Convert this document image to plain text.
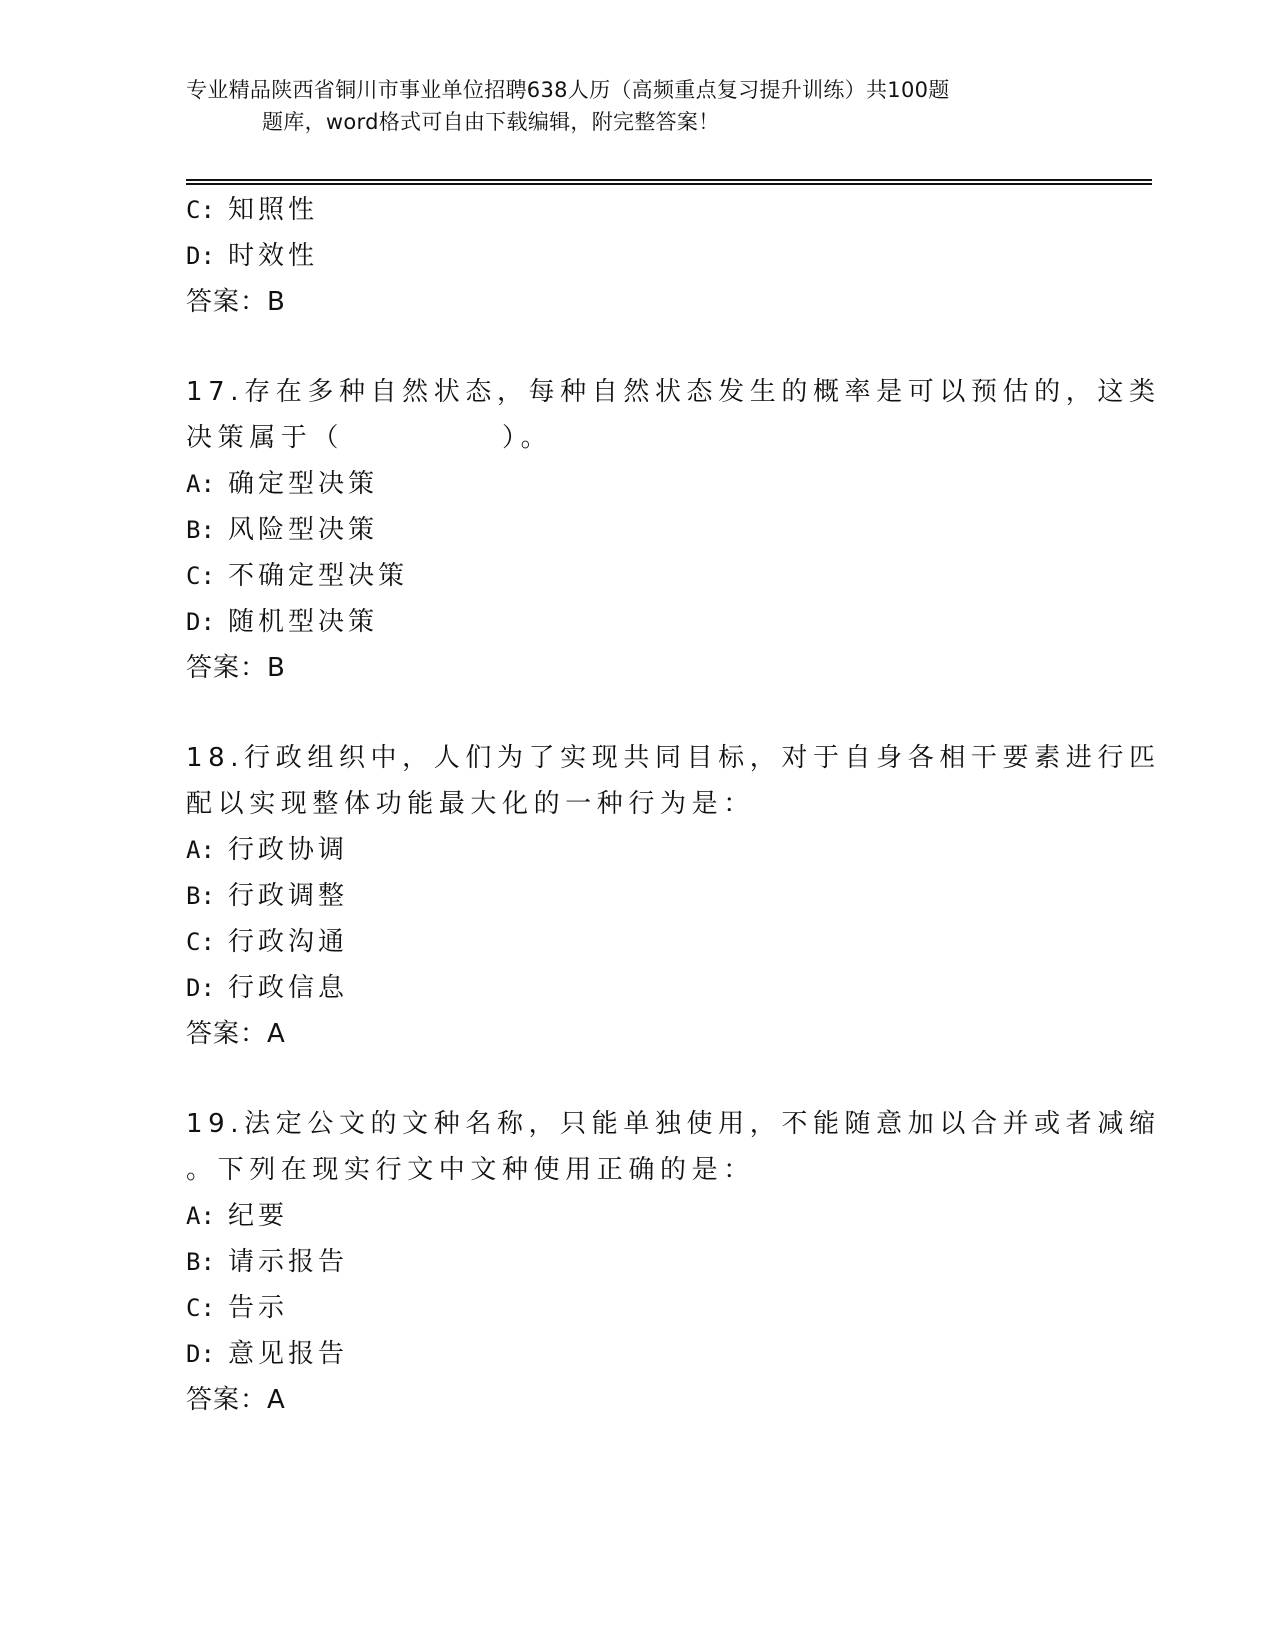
专业精品陕西省铜川市事业单位招聘638人历（高频重点复习提升训练）共100题
题库，word格式可自由下载编辑，附完整答案！
C: 知照性
D: 时效性
答案：B
17.存在多种自然状态，每种自然状态发生的概率是可以预估的，这类
决策属于（　　　　　）。
A: 确定型决策
B: 风险型决策
C: 不确定型决策
D: 随机型决策
答案：B
18.行政组织中，人们为了实现共同目标，对于自身各相干要素进行匹
配以实现整体功能最大化的一种行为是：
A: 行政协调
B: 行政调整
C: 行政沟通
D: 行政信息
答案：A
19.法定公文的文种名称，只能单独使用，不能随意加以合并或者减缩
。下列在现实行文中文种使用正确的是：
A: 纪要
B: 请示报告
C: 告示
D: 意见报告
答案：A
